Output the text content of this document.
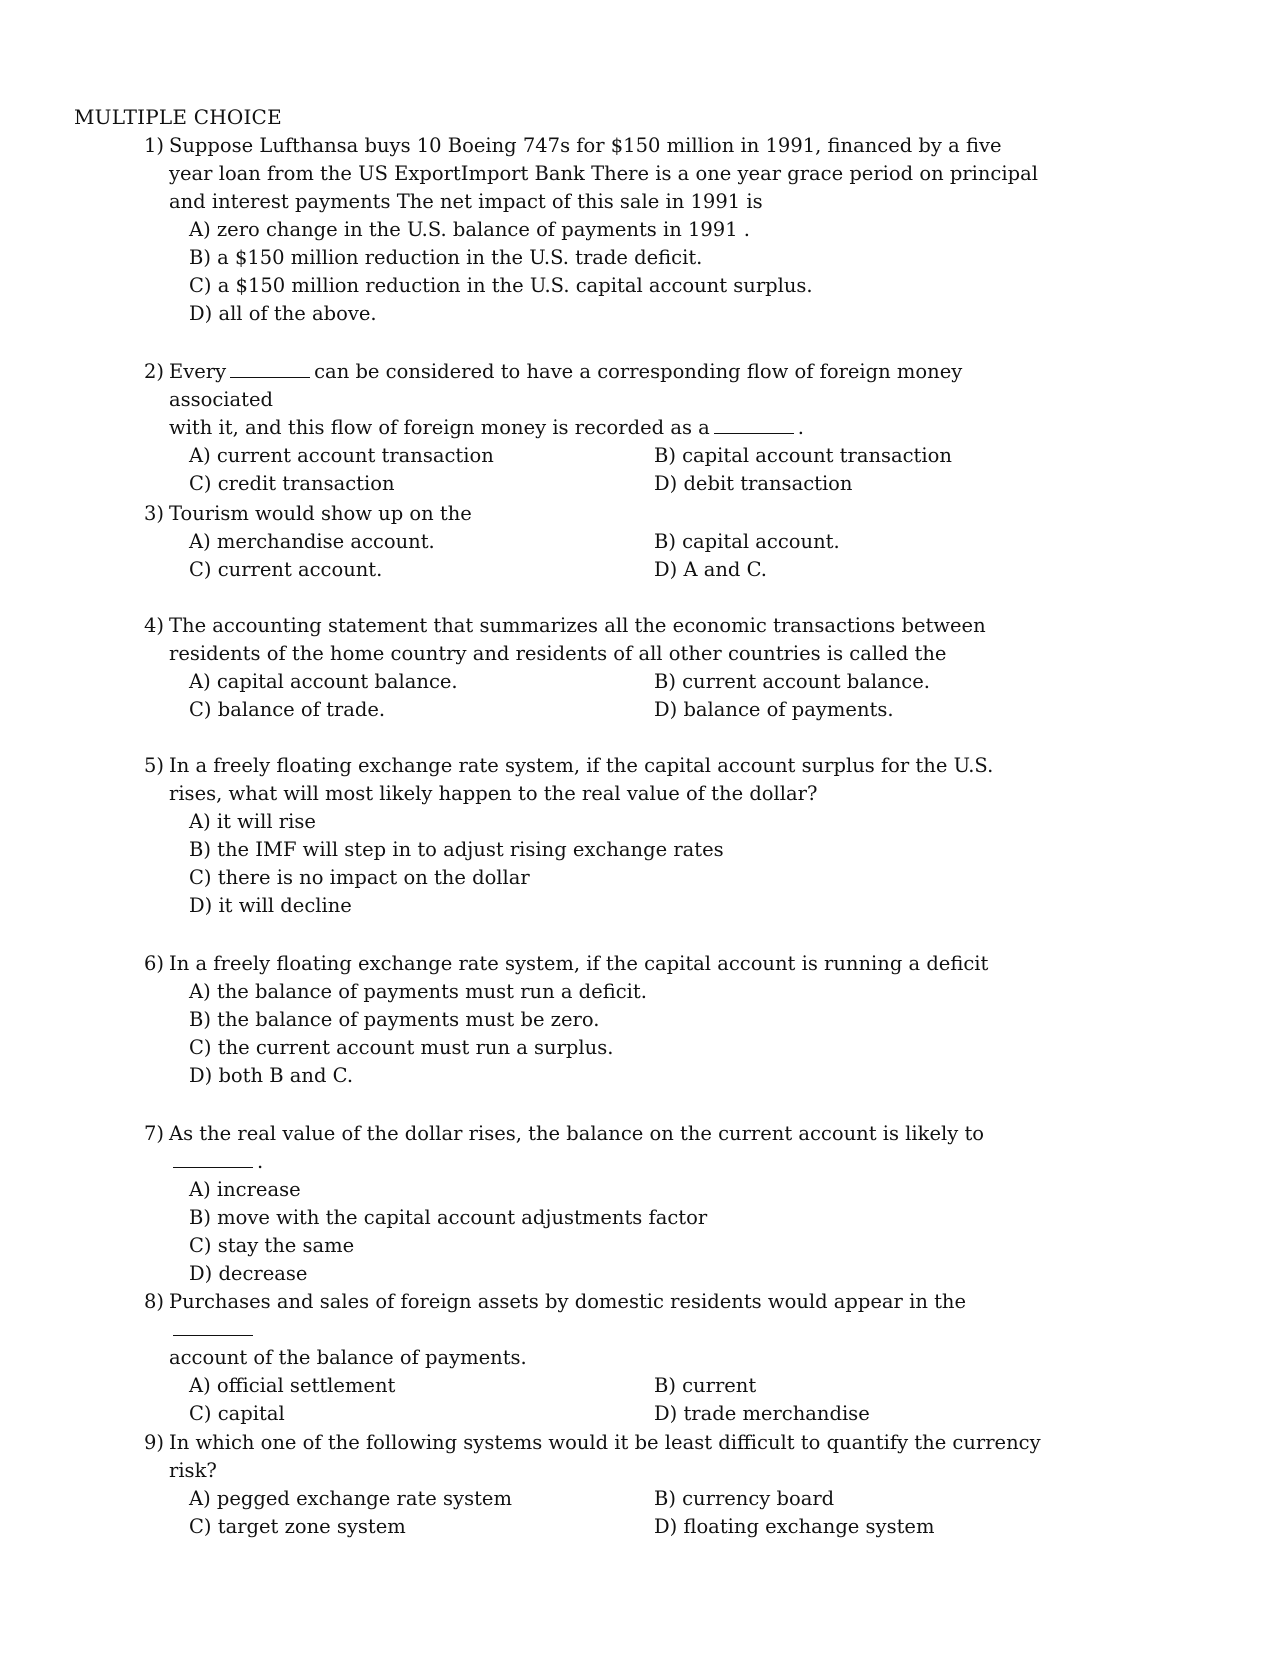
MULTIPLE CHOICE
1) Suppose Lufthansa buys 10 Boeing 747s for $150 million in 1991, financed by a five year loan from the US ExportImport Bank There is a one year grace period on principal and interest payments The net impact of this sale in 1991 is
A) zero change in the U.S. balance of payments in 1991 .
B) a $150 million reduction in the U.S. trade deficit.
C) a $150 million reduction in the U.S. capital account surplus.
D) all of the above.
2) Every	can be considered to have a corresponding flow of foreign money associated
with it, and this flow of foreign money is recorded as a	.
A) current account transaction	B) capital account transaction
C) credit transaction	D) debit transaction
3) Tourism would show up on the
A) merchandise account.	B) capital account.
C) current account.	D) A and C.
4) The accounting statement that summarizes all the economic transactions between residents of the home country and residents of all other countries is called the
A) capital account balance.	B) current account balance.
C) balance of trade.	D) balance of payments.
5) In a freely floating exchange rate system, if the capital account surplus for the U.S. rises, what will most likely happen to the real value of the dollar?
A) it will rise
B) the IMF will step in to adjust rising exchange rates
C) there is no impact on the dollar
D) it will decline
6) In a freely floating exchange rate system, if the capital account is running a deficit
A) the balance of payments must run a deficit.
B) the balance of payments must be zero.
C) the current account must run a surplus.
D) both B and C.
7) As the real value of the dollar rises, the balance on the current account is likely to.
A) increase
B) move with the capital account adjustments factor
C) stay the same
D) decrease
8) Purchases and sales of foreign assets by domestic residents would appear in the
account of the balance of payments.
A) official settlement	B) current
C) capital	D) trade merchandise
9) In which one of the following systems would it be least difficult to quantify the currency risk?
A) pegged exchange rate system	B) currency board
C) target zone system	D) floating exchange system
